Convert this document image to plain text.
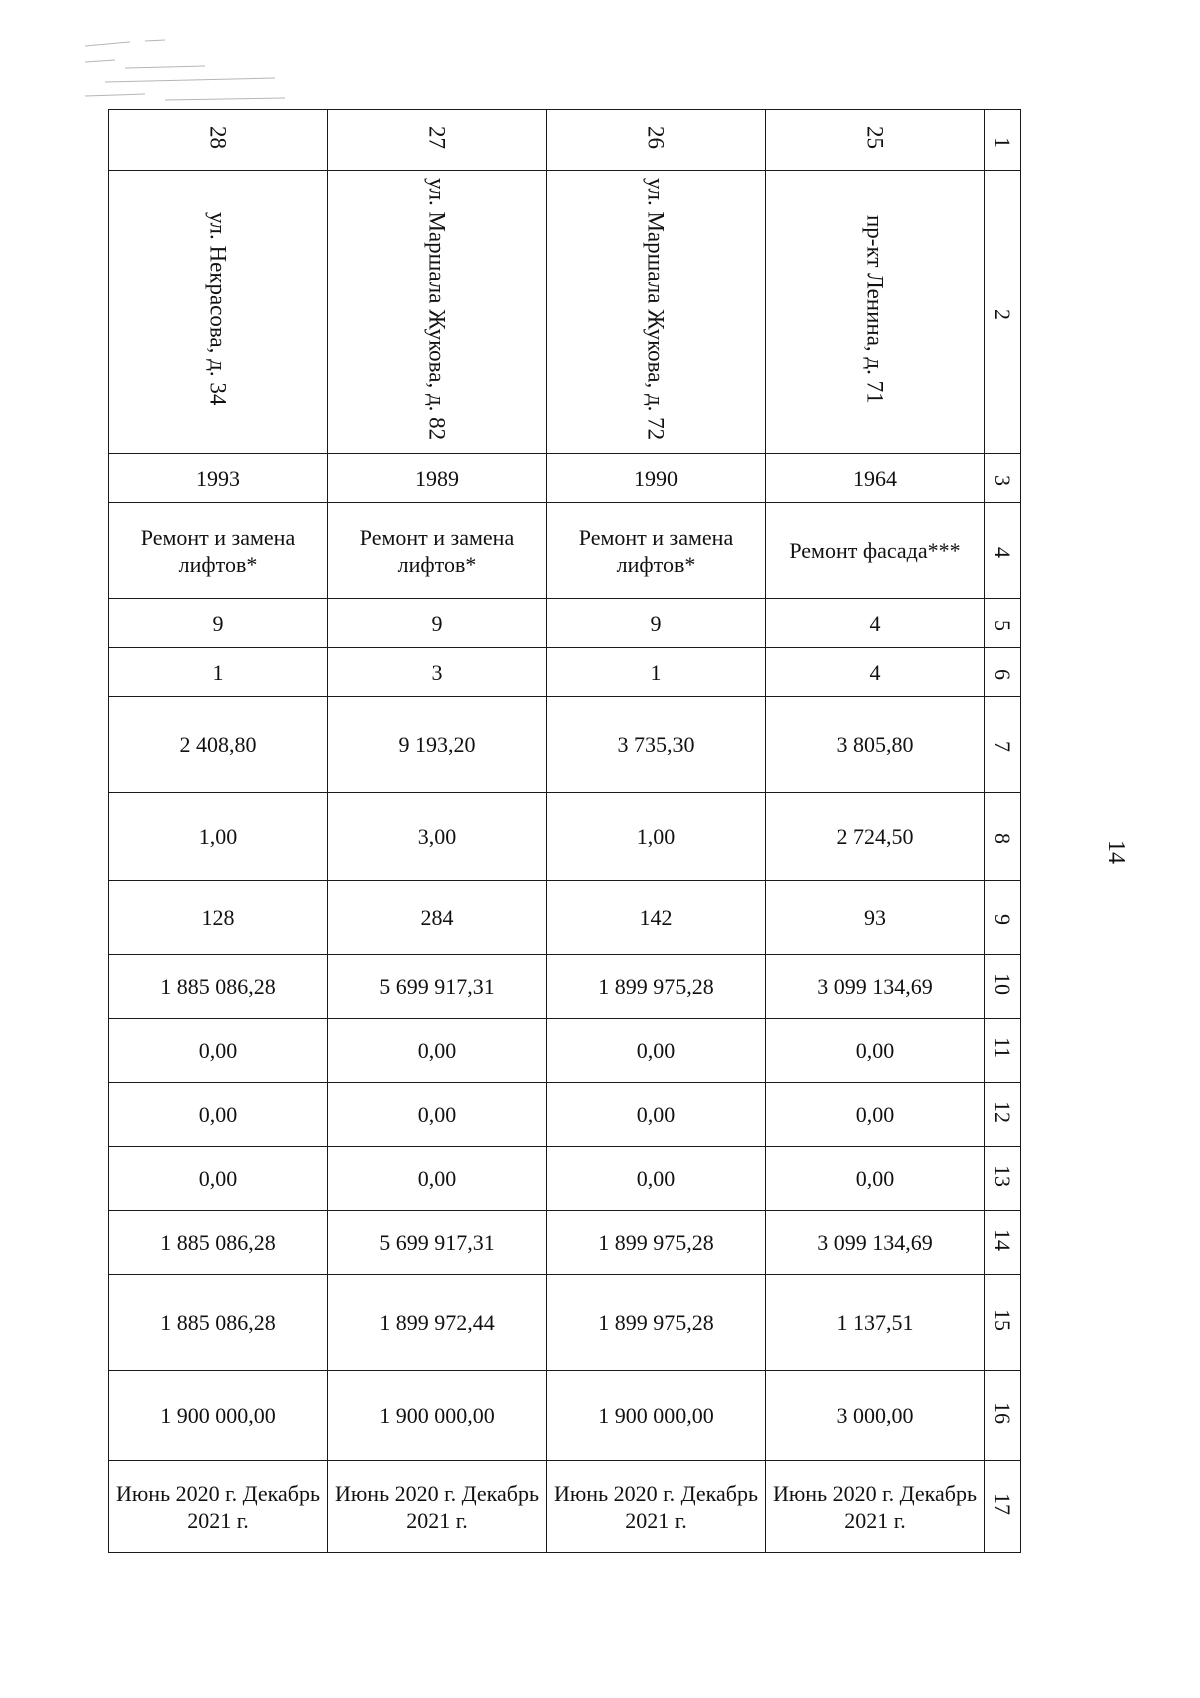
14
28	27	26	25	1
ул. Некрасова, д. 34	ул. Маршала Жукова, д. 82	ул. Маршала Жукова, д. 72	пр-кт Ленина, д. 71	2
1993	1989	1990	1964	3
Ремонт и замена лифтов*	Ремонт и замена лифтов*	Ремонт и замена лифтов*	Ремонт фасада***	4
9	9	9	4	5
1	3	1	4	6
2 408,80	9 193,20	3 735,30	3 805,80	7
1,00	3,00	1,00	2 724,50	8
128	284	142	93	9
1 885 086,28	5 699 917,31	1 899 975,28	3 099 134,69	10
0,00	0,00	0,00	0,00	11
0,00	0,00	0,00	0,00	12
0,00	0,00	0,00	0,00	13
1 885 086,28	5 699 917,31	1 899 975,28	3 099 134,69	14
1 885 086,28	1 899 972,44	1 899 975,28	1 137,51	15
1 900 000,00	1 900 000,00	1 900 000,00	3 000,00	16
Июнь 2020 г. Декабрь 2021 г.	Июнь 2020 г. Декабрь 2021 г.	Июнь 2020 г. Декабрь 2021 г.	Июнь 2020 г. Декабрь 2021 г.	17
